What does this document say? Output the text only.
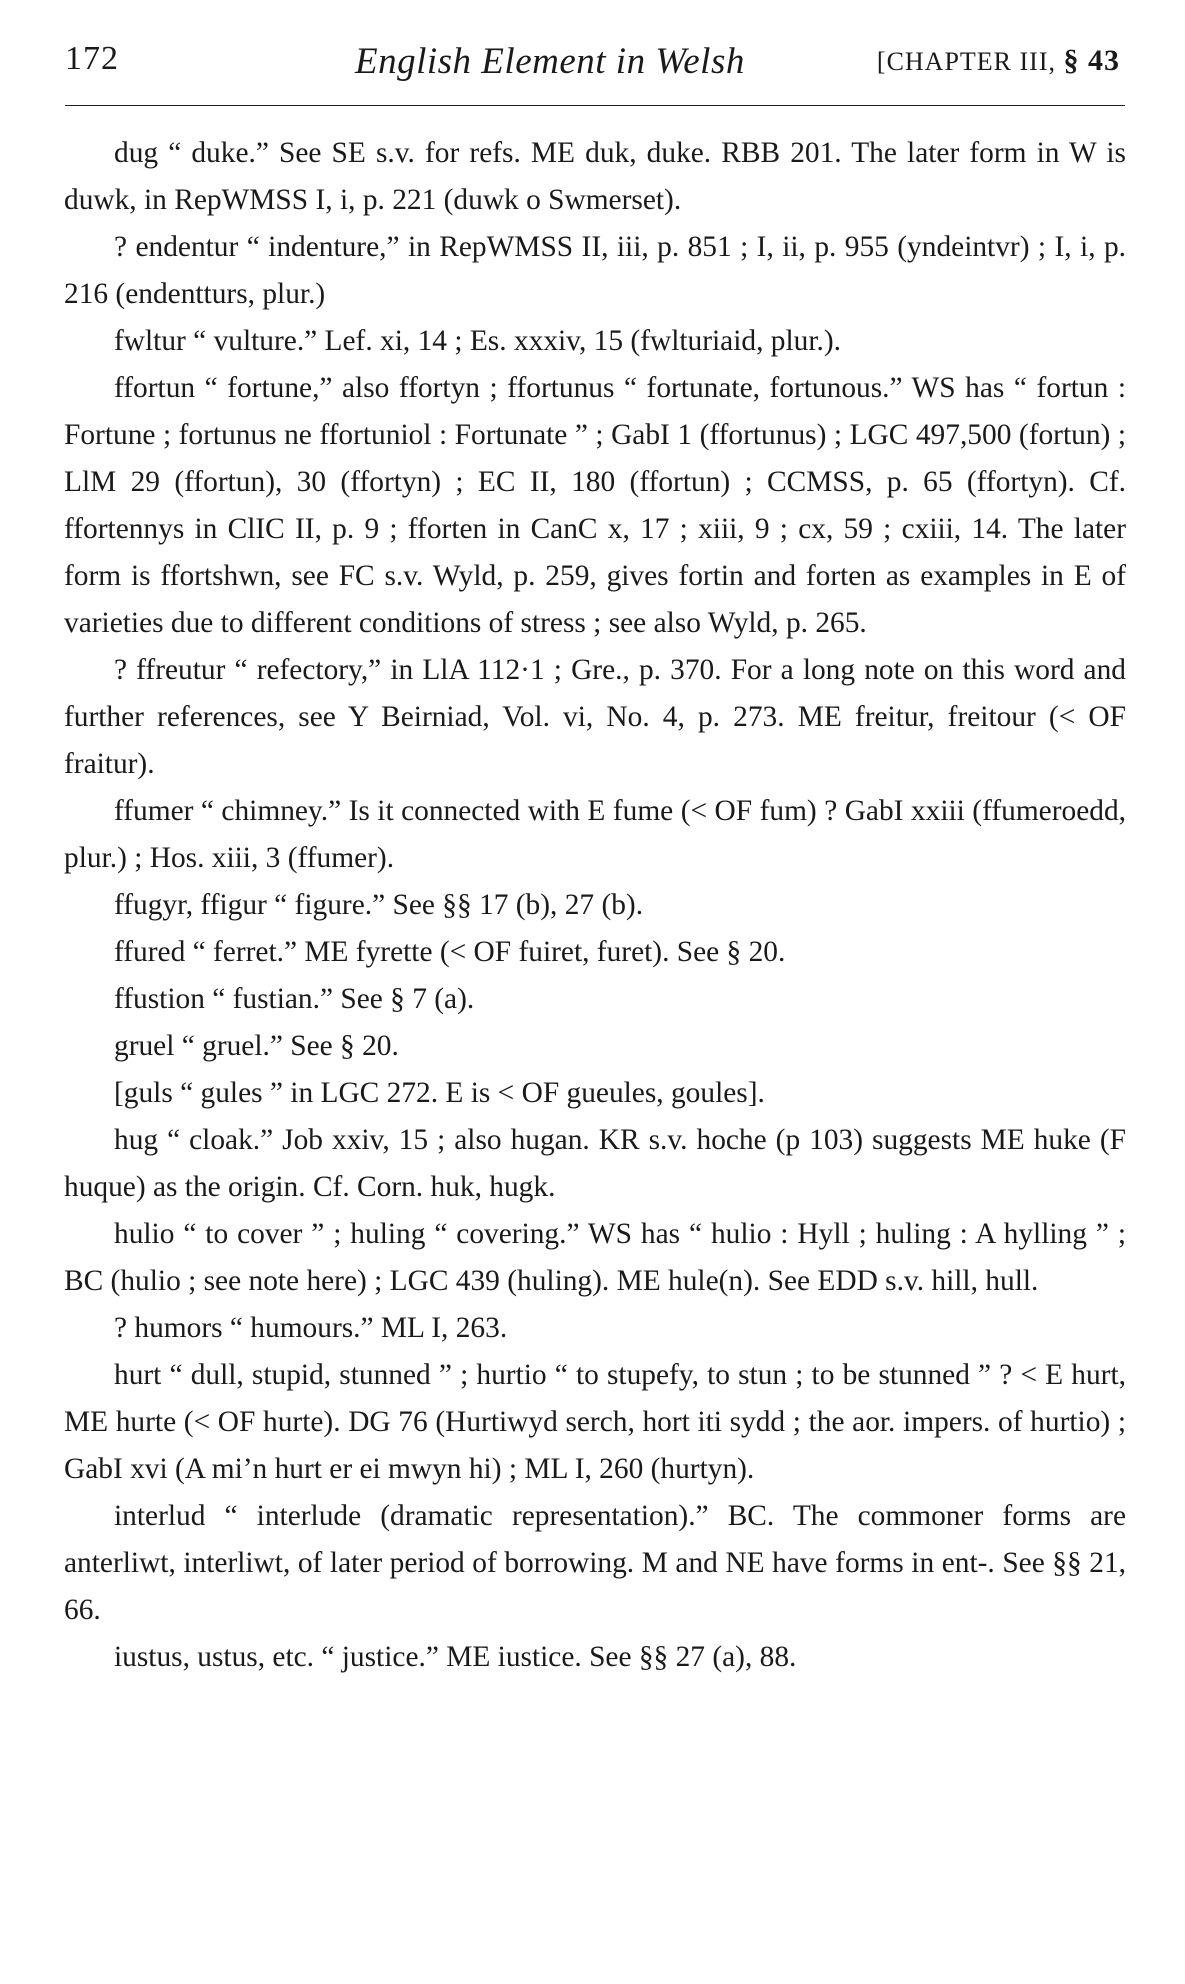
172	English Element in Welsh	[CHAPTER III, § 43

dug “ duke.” See SE s.v. for refs. ME duk, duke. RBB 201. The later form in W is duwk, in RepWMSS I, i, p. 221 (duwk o Swmerset).

? endentur “ indenture,” in RepWMSS II, iii, p. 851 ; I, ii, p. 955 (yndeintvr) ; I, i, p. 216 (endentturs, plur.)

fwltur “ vulture.” Lef. xi, 14 ; Es. xxxiv, 15 (fwlturiaid, plur.).

ffortun “ fortune,” also ffortyn ; ffortunus “ fortunate, fortunous.” WS has “ fortun : Fortune ; fortunus ne ffortuniol : Fortunate ” ; GabI 1 (ffortunus) ; LGC 497,500 (fortun) ; LlM 29 (ffortun), 30 (ffortyn) ; EC II, 180 (ffortun) ; CCMSS, p. 65 (ffortyn). Cf. ffortennys in ClIC II, p. 9 ; fforten in CanC x, 17 ; xiii, 9 ; cx, 59 ; cxiii, 14. The later form is ffortshwn, see FC s.v. Wyld, p. 259, gives fortin and forten as examples in E of varieties due to different conditions of stress ; see also Wyld, p. 265.

? ffreutur “ refectory,” in LlA 112·1 ; Gre., p. 370. For a long note on this word and further references, see Y Beirniad, Vol. vi, No. 4, p. 273. ME freitur, freitour (< OF fraitur).

ffumer “ chimney.” Is it connected with E fume (< OF fum) ? GabI xxiii (ffumeroedd, plur.) ; Hos. xiii, 3 (ffumer).

ffugyr, ffigur “ figure.” See §§ 17 (b), 27 (b).

ffured “ ferret.” ME fyrette (< OF fuiret, furet). See § 20.

ffustion “ fustian.” See § 7 (a).

gruel “ gruel.” See § 20.

[guls “ gules ” in LGC 272. E is < OF gueules, goules].

hug “ cloak.” Job xxiv, 15 ; also hugan. KR s.v. hoche (p 103) suggests ME huke (F huque) as the origin. Cf. Corn. huk, hugk.

hulio “ to cover ” ; huling “ covering.” WS has “ hulio : Hyll ; huling : A hylling ” ; BC (hulio ; see note here) ; LGC 439 (huling). ME hule(n). See EDD s.v. hill, hull.

? humors “ humours.” ML I, 263.

hurt “ dull, stupid, stunned ” ; hurtio “ to stupefy, to stun ; to be stunned ” ? < E hurt, ME hurte (< OF hurte). DG 76 (Hurtiwyd serch, hort iti sydd ; the aor. impers. of hurtio) ; GabI xvi (A mi’n hurt er ei mwyn hi) ; ML I, 260 (hurtyn).

interlud “ interlude (dramatic representation).” BC. The commoner forms are anterliwt, interliwt, of later period of borrowing. M and NE have forms in ent-. See §§ 21, 66.

iustus, ustus, etc. “ justice.” ME iustice. See §§ 27 (a), 88.
